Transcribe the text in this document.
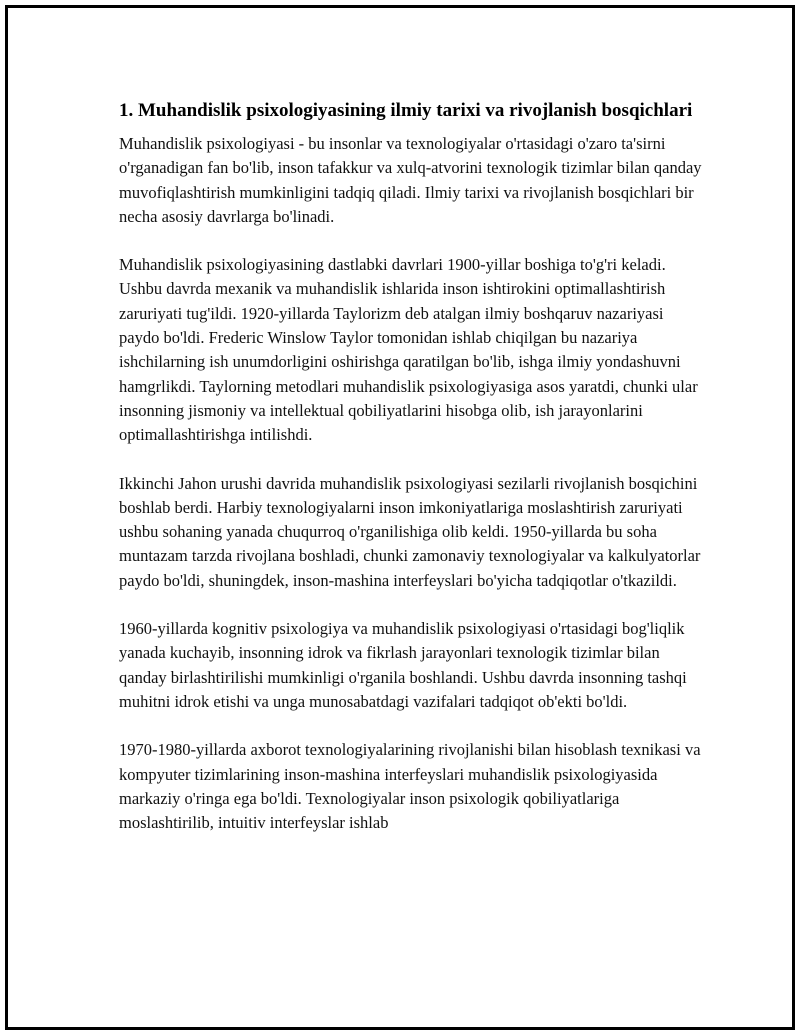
1. Muhandislik psixologiyasining ilmiy tarixi va rivojlanish bosqichlari

Muhandislik psixologiyasi - bu insonlar va texnologiyalar o'rtasidagi o'zaro ta'sirni o'rganadigan fan bo'lib, inson tafakkur va xulq-atvorini texnologik tizimlar bilan qanday muvofiqlashtirish mumkinligini tadqiq qiladi. Ilmiy tarixi va rivojlanish bosqichlari bir necha asosiy davrlarga bo'linadi.

Muhandislik psixologiyasining dastlabki davrlari 1900-yillar boshiga to'g'ri keladi. Ushbu davrda mexanik va muhandislik ishlarida inson ishtirokini optimallashtirish zaruriyati tug'ildi. 1920-yillarda Taylorizm deb atalgan ilmiy boshqaruv nazariyasi paydo bo'ldi. Frederic Winslow Taylor tomonidan ishlab chiqilgan bu nazariya ishchilarning ish unumdorligini oshirishga qaratilgan bo'lib, ishga ilmiy yondashuvni hamgrlikdi. Taylorning metodlari muhandislik psixologiyasiga asos yaratdi, chunki ular insonning jismoniy va intellektual qobiliyatlarini hisobga olib, ish jarayonlarini optimallashtirishga intilishdi.

Ikkinchi Jahon urushi davrida muhandislik psixologiyasi sezilarli rivojlanish bosqichini boshlab berdi. Harbiy texnologiyalarni inson imkoniyatlariga moslashtirish zaruriyati ushbu sohaning yanada chuqurroq o'rganilishiga olib keldi. 1950-yillarda bu soha muntazam tarzda rivojlana boshladi, chunki zamonaviy texnologiyalar va kalkulyatorlar paydo bo'ldi, shuningdek, inson-mashina interfeyslari bo'yicha tadqiqotlar o'tkazildi.

1960-yillarda kognitiv psixologiya va muhandislik psixologiyasi o'rtasidagi bog'liqlik yanada kuchayib, insonning idrok va fikrlash jarayonlari texnologik tizimlar bilan qanday birlashtirilishi mumkinligi o'rganila boshlandi. Ushbu davrda insonning tashqi muhitni idrok etishi va unga munosabatdagi vazifalari tadqiqot ob'ekti bo'ldi.

1970-1980-yillarda axborot texnologiyalarining rivojlanishi bilan hisoblash texnikasi va kompyuter tizimlarining inson-mashina interfeyslari muhandislik psixologiyasida markaziy o'ringa ega bo'ldi. Texnologiyalar inson psixologik qobiliyatlariga moslashtirilib, intuitiv interfeyslar ishlab
